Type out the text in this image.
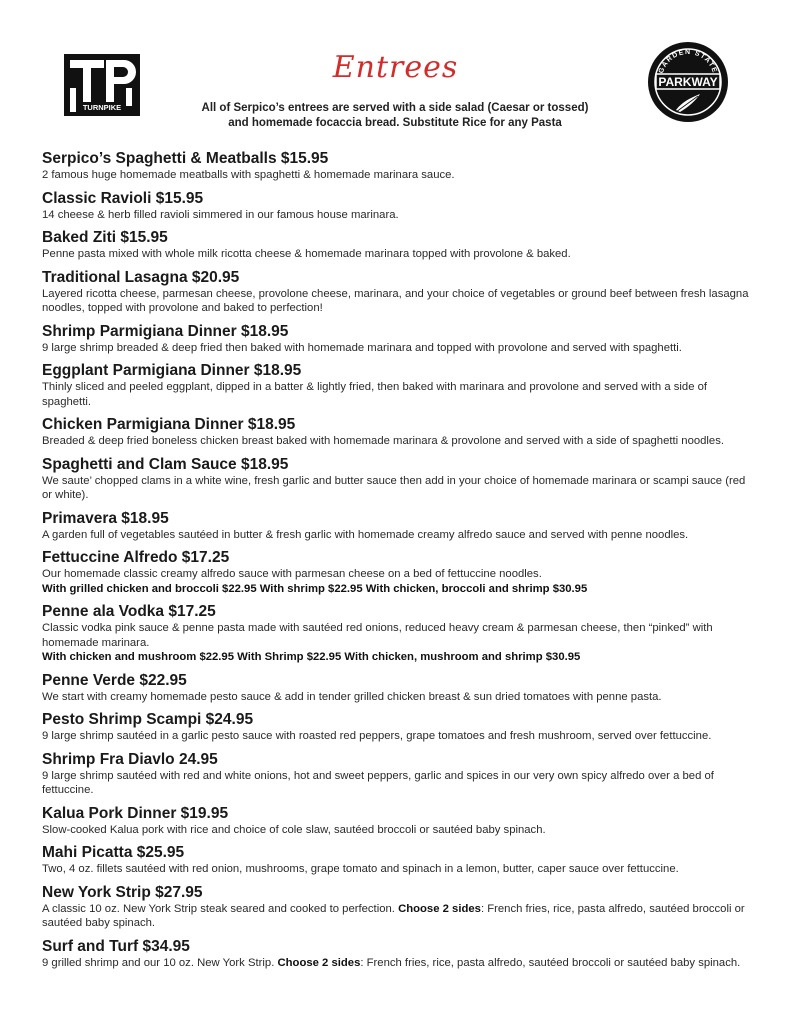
TURNPIKE
Entrees
All of Serpico’s entrees are served with a side salad (Caesar or tossed)
and homemade focaccia bread. Substitute Rice for any Pasta
GARDEN STATE
PARKWAY
Serpico’s Spaghetti & Meatballs $15.95
2 famous huge homemade meatballs with spaghetti & homemade marinara sauce.
Classic Ravioli $15.95
14 cheese & herb filled ravioli simmered in our famous house marinara.
Baked Ziti $15.95
Penne pasta mixed with whole milk ricotta cheese & homemade marinara topped with provolone & baked.
Traditional Lasagna $20.95
Layered ricotta cheese, parmesan cheese, provolone cheese, marinara, and your choice of vegetables or ground beef between fresh lasagna noodles, topped with provolone and baked to perfection!
Shrimp Parmigiana Dinner $18.95
9 large shrimp breaded & deep fried then baked with homemade marinara and topped with provolone and served with spaghetti.
Eggplant Parmigiana Dinner $18.95
Thinly sliced and peeled eggplant, dipped in a batter & lightly fried, then baked with marinara and provolone and served with a side of spaghetti.
Chicken Parmigiana Dinner $18.95
Breaded & deep fried boneless chicken breast baked with homemade marinara & provolone and served with a side of spaghetti noodles.
Spaghetti and Clam Sauce $18.95
We saute’ chopped clams in a white wine, fresh garlic and butter sauce then add in your choice of homemade marinara or scampi sauce (red or white).
Primavera $18.95
A garden full of vegetables sautéed in butter & fresh garlic with homemade creamy alfredo sauce and served with penne noodles.
Fettuccine Alfredo $17.25
Our homemade classic creamy alfredo sauce with parmesan cheese on a bed of fettuccine noodles.
With grilled chicken and broccoli $22.95 With shrimp $22.95 With chicken, broccoli and shrimp $30.95
Penne ala Vodka $17.25
Classic vodka pink sauce & penne pasta made with sautéed red onions, reduced heavy cream & parmesan cheese, then “pinked” with homemade marinara.
With chicken and mushroom $22.95 With Shrimp $22.95 With chicken, mushroom and shrimp $30.95
Penne Verde $22.95
We start with creamy homemade pesto sauce & add in tender grilled chicken breast & sun dried tomatoes with penne pasta.
Pesto Shrimp Scampi $24.95
9 large shrimp sautéed in a garlic pesto sauce with roasted red peppers, grape tomatoes and fresh mushroom, served over fettuccine.
Shrimp Fra Diavlo 24.95
9 large shrimp sautéed with red and white onions, hot and sweet peppers, garlic and spices in our very own spicy alfredo over a bed of fettuccine.
Kalua Pork Dinner $19.95
Slow-cooked Kalua pork with rice and choice of cole slaw, sautéed broccoli or sautéed baby spinach.
Mahi Picatta $25.95
Two, 4 oz. fillets sautéed with red onion, mushrooms, grape tomato and spinach in a lemon, butter, caper sauce over fettuccine.
New York Strip $27.95
A classic 10 oz. New York Strip steak seared and cooked to perfection. Choose 2 sides: French fries, rice, pasta alfredo, sautéed broccoli or sautéed baby spinach.
Surf and Turf $34.95
9 grilled shrimp and our 10 oz. New York Strip. Choose 2 sides: French fries, rice, pasta alfredo, sautéed broccoli or sautéed baby spinach.
